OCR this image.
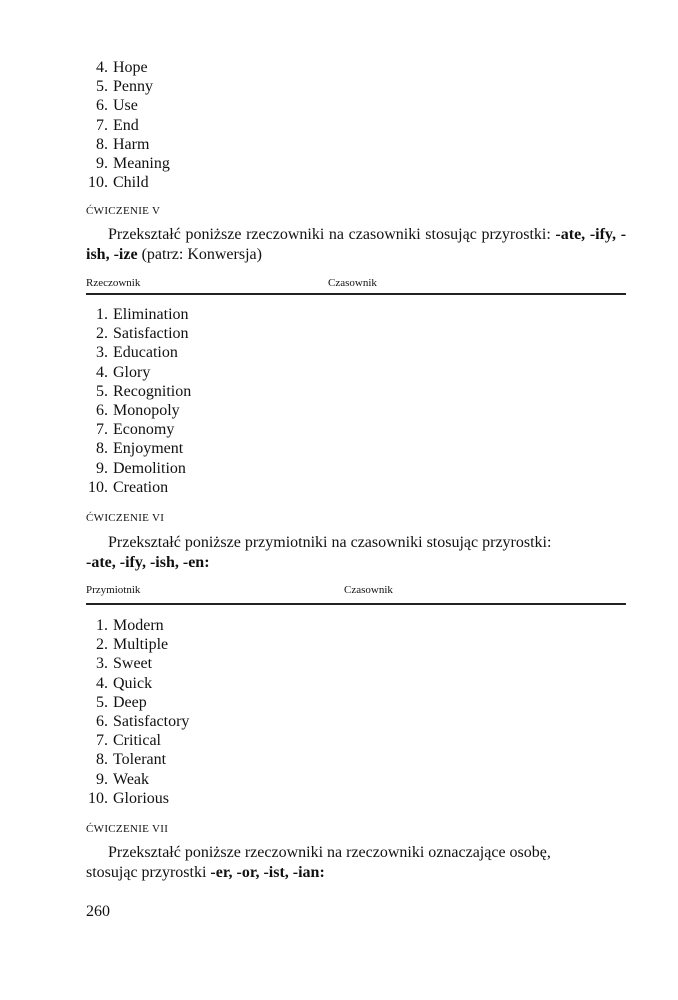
4. Hope
5. Penny
6. Use
7. End
8. Harm
9. Meaning
10. Child
ĆWICZENIE V
Przekształć poniższe rzeczowniki na czasowniki stosując przyrostki: -ate, -ify, -ish, -ize (patrz: Konwersja)
Rzeczownik	Czasownik
1. Elimination
2. Satisfaction
3. Education
4. Glory
5. Recognition
6. Monopoly
7. Economy
8. Enjoyment
9. Demolition
10. Creation
ĆWICZENIE VI
Przekształć poniższe przymiotniki na czasowniki stosując przyrostki:
-ate, -ify, -ish, -en:
Przymiotnik	Czasownik
1. Modern
2. Multiple
3. Sweet
4. Quick
5. Deep
6. Satisfactory
7. Critical
8. Tolerant
9. Weak
10. Glorious
ĆWICZENIE VII
Przekształć poniższe rzeczowniki na rzeczowniki oznaczające osobę,
stosując przyrostki -er, -or, -ist, -ian:
260
